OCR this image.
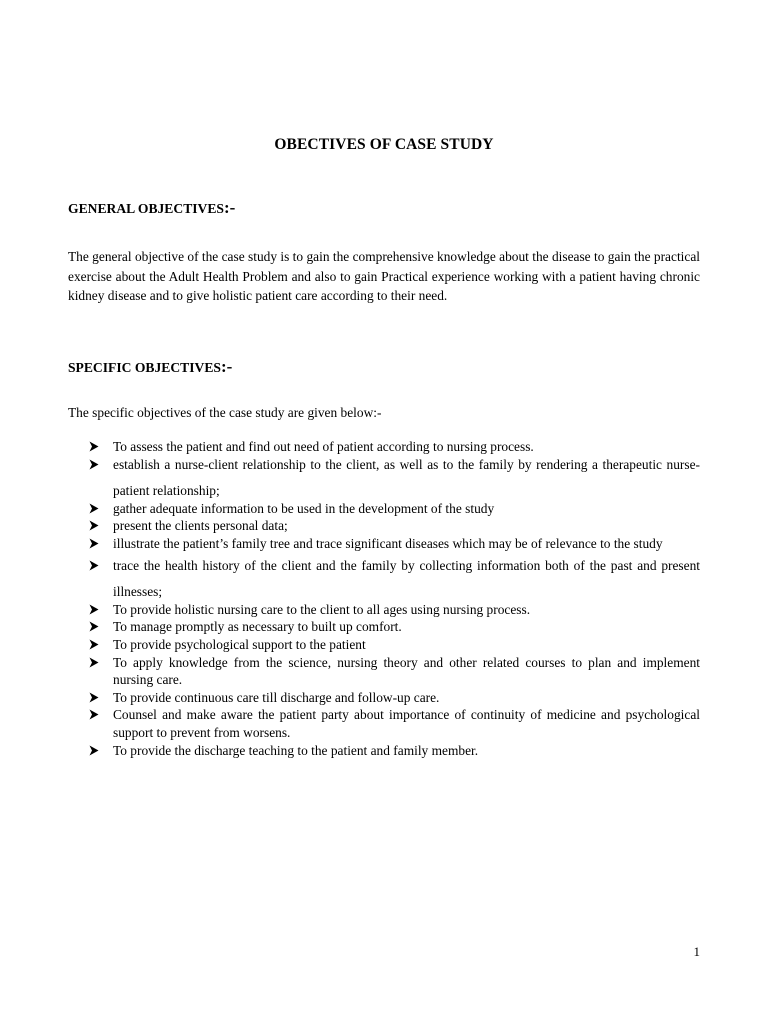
OBECTIVES OF CASE STUDY
GENERAL OBJECTIVES:-
The general objective of the case study is to gain the comprehensive knowledge about the disease to gain the practical exercise about the Adult Health Problem and also to gain Practical experience working with a patient having chronic kidney disease and to give holistic patient care according to their need.
SPECIFIC OBJECTIVES:-
The specific objectives of the case study are given below:-
To assess the patient and find out need of patient according to nursing process.
establish a nurse-client relationship to the client, as well as to the family by rendering a therapeutic nurse-patient relationship;
gather adequate information to be used in the development of the study
present the clients personal data;
illustrate the patient’s family tree and trace significant diseases which may be of relevance to the study
trace the health history of the client and the family by collecting information both of the past and present illnesses;
To provide holistic nursing care to the client to all ages using nursing process.
To manage promptly as necessary to built up comfort.
To provide psychological support to the patient
To apply knowledge from the science, nursing theory and other related courses to plan and implement nursing care.
To provide continuous care till discharge and follow-up care.
Counsel and make aware the patient party about importance of continuity of medicine and psychological support to prevent from worsens.
To provide the discharge teaching to the patient and family member.
1
